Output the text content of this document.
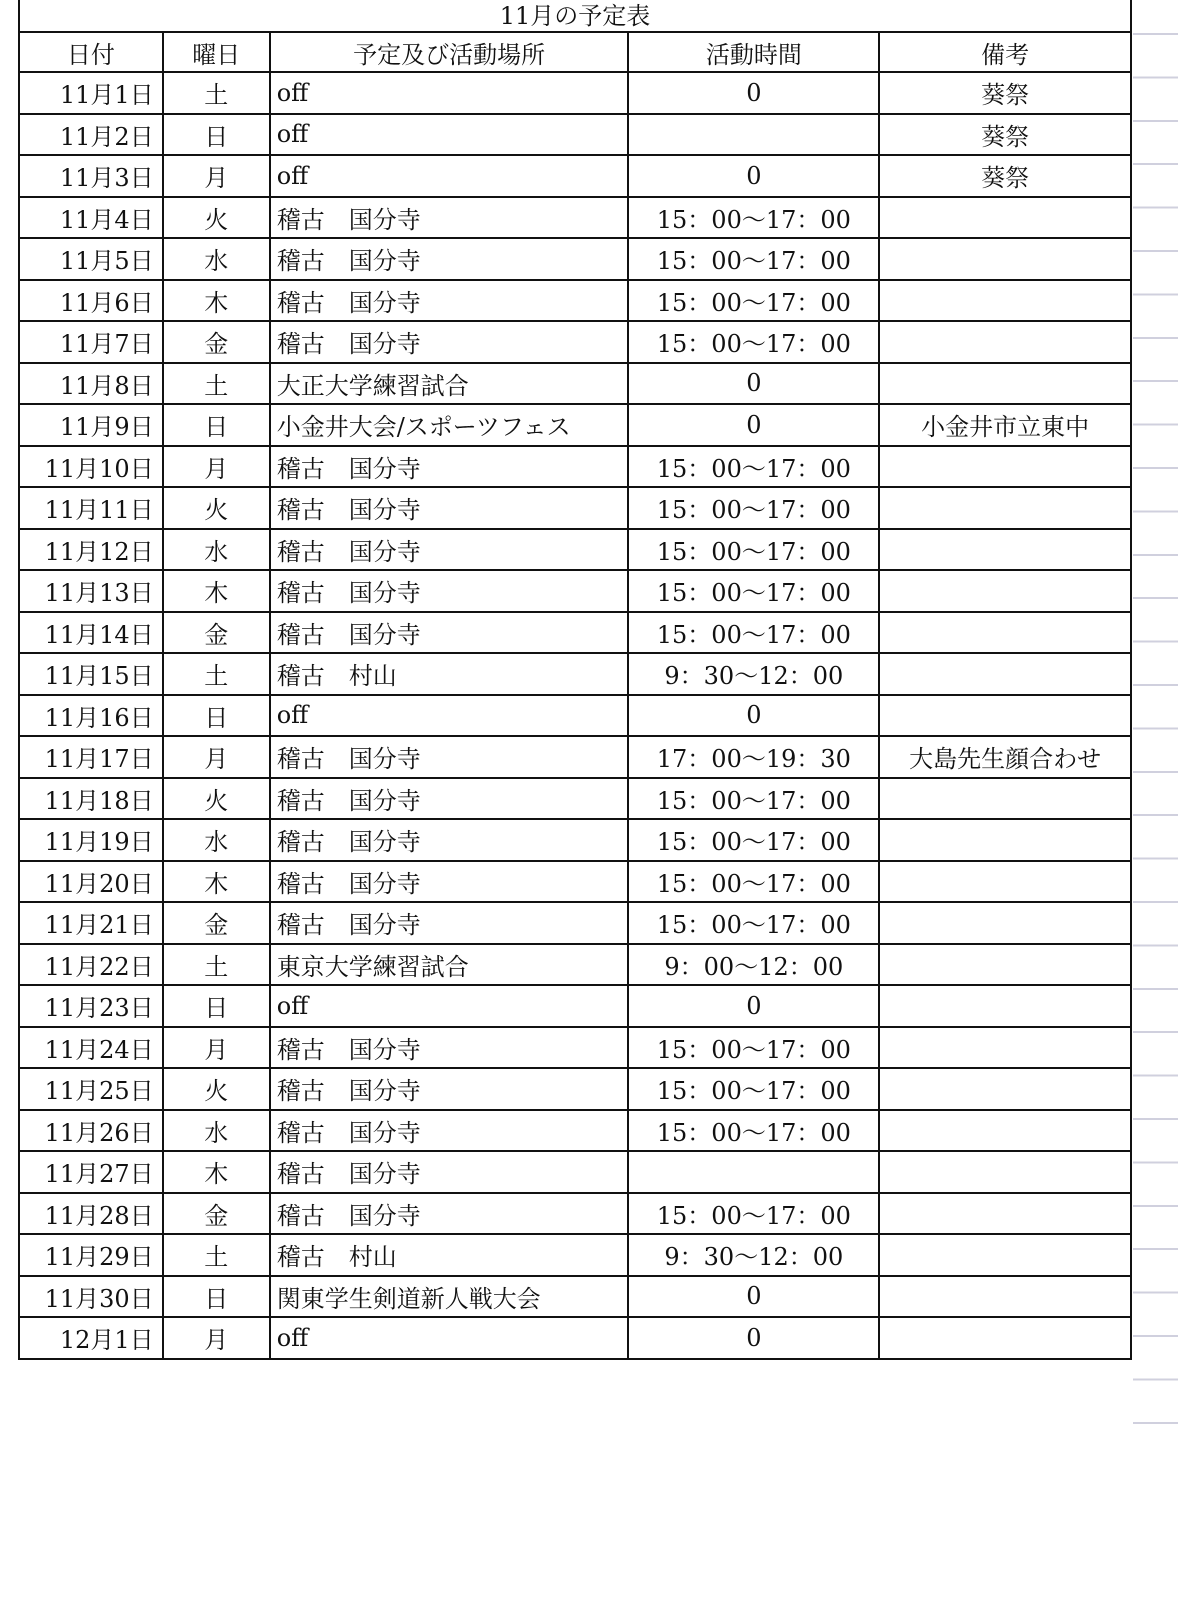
11月の予定表				
日付	曜日	予定及び活動場所	活動時間	備考
11月1日	土	off	0	葵祭
11月2日	日	off		葵祭
11月3日	月	off	0	葵祭
11月4日	火	稽古　国分寺	15：00〜17：00	
11月5日	水	稽古　国分寺	15：00〜17：00	
11月6日	木	稽古　国分寺	15：00〜17：00	
11月7日	金	稽古　国分寺	15：00〜17：00	
11月8日	土	大正大学練習試合	0	
11月9日	日	小金井大会/スポーツフェス	0	小金井市立東中
11月10日	月	稽古　国分寺	15：00〜17：00	
11月11日	火	稽古　国分寺	15：00〜17：00	
11月12日	水	稽古　国分寺	15：00〜17：00	
11月13日	木	稽古　国分寺	15：00〜17：00	
11月14日	金	稽古　国分寺	15：00〜17：00	
11月15日	土	稽古　村山	9：30〜12：00	
11月16日	日	off	0	
11月17日	月	稽古　国分寺	17：00〜19：30	大島先生顔合わせ
11月18日	火	稽古　国分寺	15：00〜17：00	
11月19日	水	稽古　国分寺	15：00〜17：00	
11月20日	木	稽古　国分寺	15：00〜17：00	
11月21日	金	稽古　国分寺	15：00〜17：00	
11月22日	土	東京大学練習試合	9：00〜12：00	
11月23日	日	off	0	
11月24日	月	稽古　国分寺	15：00〜17：00	
11月25日	火	稽古　国分寺	15：00〜17：00	
11月26日	水	稽古　国分寺	15：00〜17：00	
11月27日	木	稽古　国分寺		
11月28日	金	稽古　国分寺	15：00〜17：00	
11月29日	土	稽古　村山	9：30〜12：00	
11月30日	日	関東学生剣道新人戦大会	0	
12月1日	月	off	0	
